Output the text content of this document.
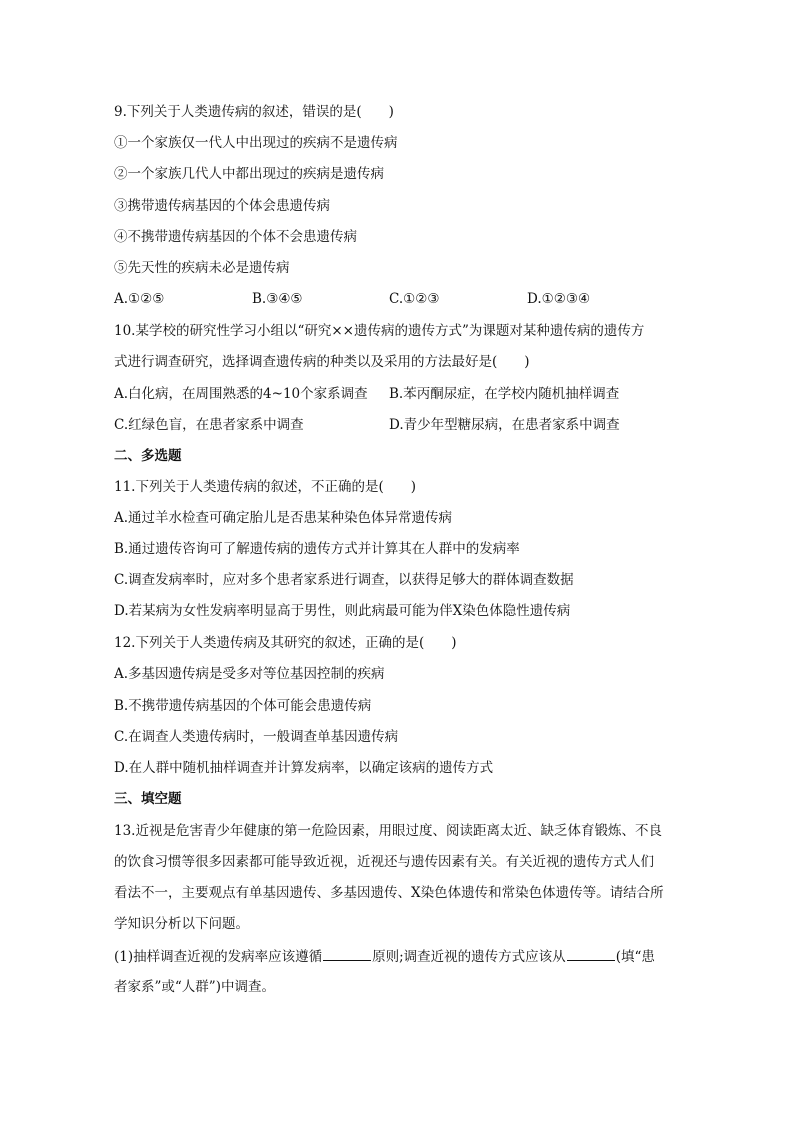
9.下列关于人类遗传病的叙述，错误的是(　　)
①一个家族仅一代人中出现过的疾病不是遗传病
②一个家族几代人中都出现过的疾病是遗传病
③携带遗传病基因的个体会患遗传病
④不携带遗传病基因的个体不会患遗传病
⑤先天性的疾病未必是遗传病
A.①②⑤	B.③④⑤	C.①②③	D.①②③④
10.某学校的研究性学习小组以“研究××遗传病的遗传方式”为课题对某种遗传病的遗传方
式进行调查研究，选择调查遗传病的种类以及采用的方法最好是(　　)
A.白化病，在周围熟悉的4~10个家系调查 B.苯丙酮尿症，在学校内随机抽样调查
C.红绿色盲，在患者家系中调查	D.青少年型糖尿病，在患者家系中调查
二、多选题
11.下列关于人类遗传病的叙述，不正确的是(　　)
A.通过羊水检查可确定胎儿是否患某种染色体异常遗传病
B.通过遗传咨询可了解遗传病的遗传方式并计算其在人群中的发病率
C.调查发病率时，应对多个患者家系进行调查，以获得足够大的群体调查数据
D.若某病为女性发病率明显高于男性，则此病最可能为伴X染色体隐性遗传病
12.下列关于人类遗传病及其研究的叙述，正确的是(　　)
A.多基因遗传病是受多对等位基因控制的疾病
B.不携带遗传病基因的个体可能会患遗传病
C.在调查人类遗传病时，一般调查单基因遗传病
D.在人群中随机抽样调查并计算发病率，以确定该病的遗传方式
三、填空题
13.近视是危害青少年健康的第一危险因素，用眼过度、阅读距离太近、缺乏体育锻炼、不良
的饮食习惯等很多因素都可能导致近视，近视还与遗传因素有关。有关近视的遗传方式人们
看法不一，主要观点有单基因遗传、多基因遗传、X染色体遗传和常染色体遗传等。请结合所
学知识分析以下问题。
(1)抽样调查近视的发病率应该遵循	原则;调查近视的遗传方式应该从	(填“患
者家系”或“人群”)中调查。
